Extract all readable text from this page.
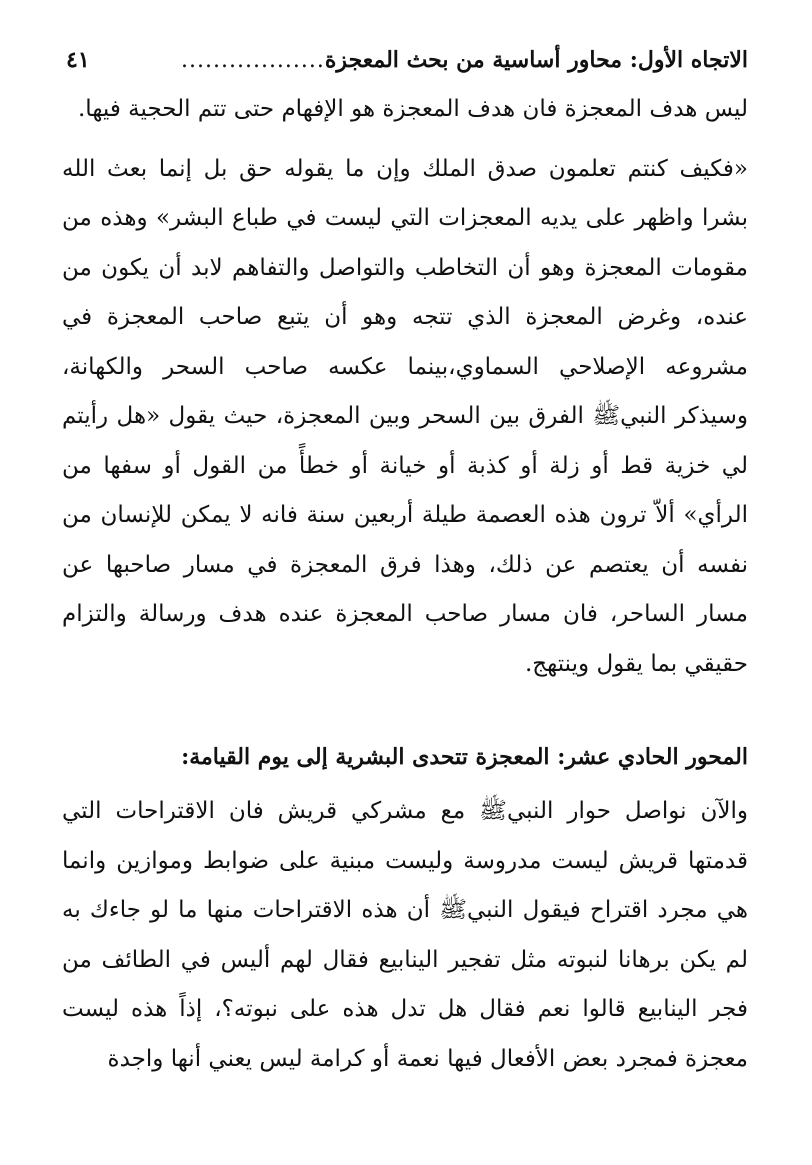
الاتجاه الأول: محاور أساسية من بحث المعجزة
..................
٤١

ليس هدف المعجزة فان هدف المعجزة هو الإفهام حتى تتم الحجية فيها.

«فكيف كنتم تعلمون صدق الملك وإن ما يقوله حق بل إنما بعث الله بشرا واظهر على يديه المعجزات التي ليست في طباع البشر» وهذه من مقومات المعجزة وهو أن التخاطب والتواصل والتفاهم لابد أن يكون من عنده، وغرض المعجزة الذي تتجه وهو أن يتبع صاحب المعجزة في مشروعه الإصلاحي السماوي،بينما عكسه صاحب السحر والكهانة، وسيذكر النبيﷺ الفرق بين السحر وبين المعجزة، حيث يقول «هل رأيتم لي خزية قط أو زلة أو كذبة أو خيانة أو خطأً من القول أو سفها من الرأي» ألاّ ترون هذه العصمة طيلة أربعين سنة فانه لا يمكن للإنسان من نفسه أن يعتصم عن ذلك، وهذا فرق المعجزة في مسار صاحبها عن مسار الساحر، فان مسار صاحب المعجزة عنده هدف ورسالة والتزام حقيقي بما يقول وينتهج.

المحور الحادي عشر: المعجزة تتحدى البشرية إلى يوم القيامة:

والآن نواصل حوار النبيﷺ مع مشركي قريش فان الاقتراحات التي قدمتها قريش ليست مدروسة وليست مبنية على ضوابط وموازين وانما هي مجرد اقتراح فيقول النبيﷺ أن هذه الاقتراحات منها ما لو جاءك به لم يكن برهانا لنبوته مثل تفجير الينابيع فقال لهم أليس في الطائف من فجر الينابيع قالوا نعم فقال هل تدل هذه على نبوته؟، إذاً هذه ليست معجزة فمجرد بعض الأفعال فيها نعمة أو كرامة ليس يعني أنها واجدة
